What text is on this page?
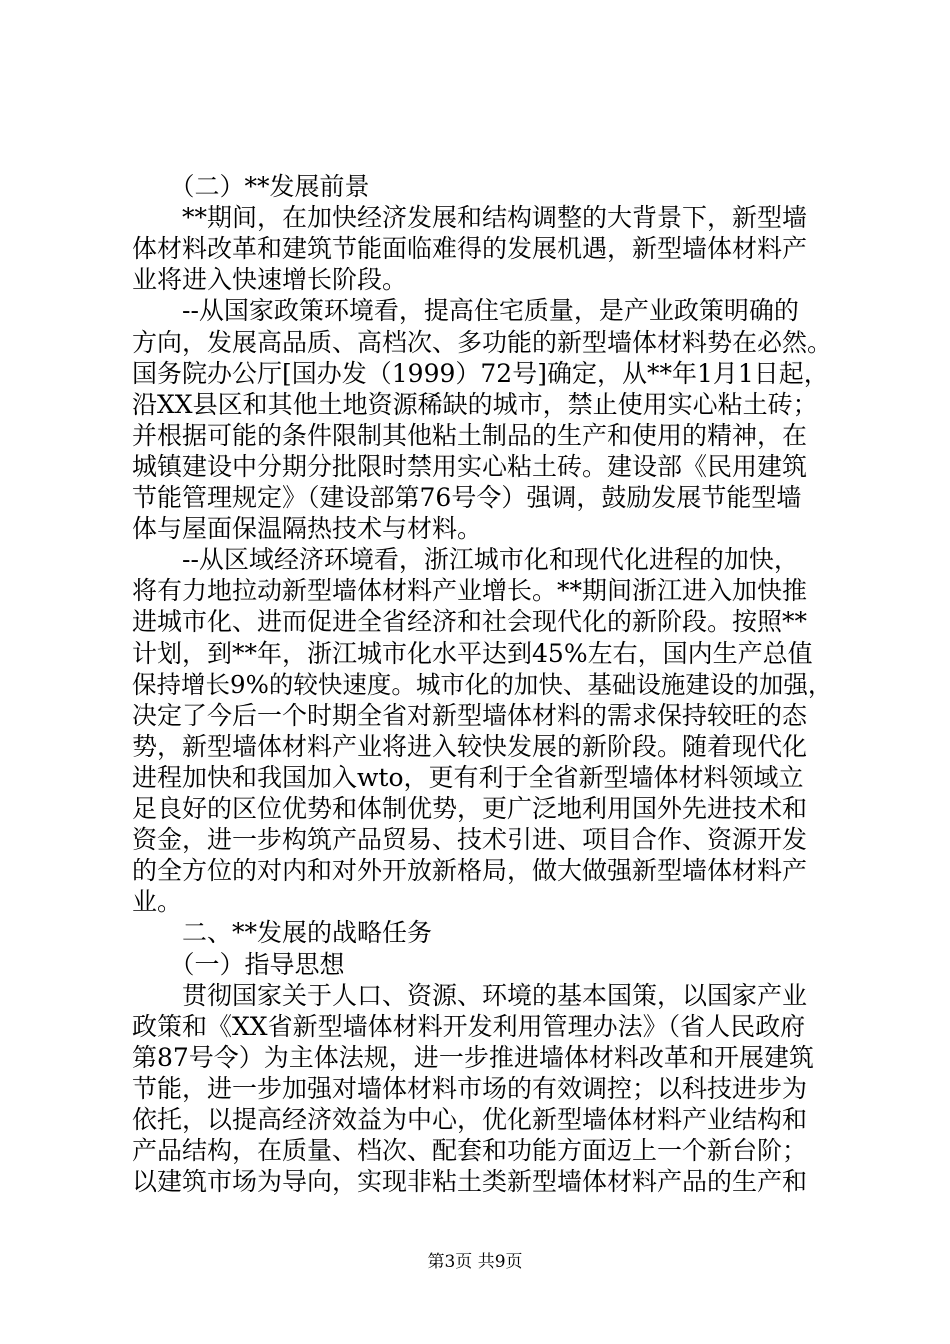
　　（二）**发展前景
　　**期间，在加快经济发展和结构调整的大背景下，新型墙
体材料改革和建筑节能面临难得的发展机遇，新型墙体材料产
业将进入快速增长阶段。
　　--从国家政策环境看，提高住宅质量，是产业政策明确的
方向，发展高品质、高档次、多功能的新型墙体材料势在必然。
国务院办公厅[国办发（1999）72号]确定，从**年1月1日起，
沿XX县区和其他土地资源稀缺的城市，禁止使用实心粘土砖；
并根据可能的条件限制其他粘土制品的生产和使用的精神，在
城镇建设中分期分批限时禁用实心粘土砖。建设部《民用建筑
节能管理规定》（建设部第76号令）强调，鼓励发展节能型墙
体与屋面保温隔热技术与材料。
　　--从区域经济环境看，浙江城市化和现代化进程的加快，
将有力地拉动新型墙体材料产业增长。**期间浙江进入加快推
进城市化、进而促进全省经济和社会现代化的新阶段。按照**
计划，到**年，浙江城市化水平达到45%左右，国内生产总值
保持增长9%的较快速度。城市化的加快、基础设施建设的加强，
决定了今后一个时期全省对新型墙体材料的需求保持较旺的态
势，新型墙体材料产业将进入较快发展的新阶段。随着现代化
进程加快和我国加入wto，更有利于全省新型墙体材料领域立
足良好的区位优势和体制优势，更广泛地利用国外先进技术和
资金，进一步构筑产品贸易、技术引进、项目合作、资源开发
的全方位的对内和对外开放新格局，做大做强新型墙体材料产
业。
　　二、**发展的战略任务
　　（一）指导思想
　　贯彻国家关于人口、资源、环境的基本国策，以国家产业
政策和《XX省新型墙体材料开发利用管理办法》（省人民政府
第87号令）为主体法规，进一步推进墙体材料改革和开展建筑
节能，进一步加强对墙体材料市场的有效调控；以科技进步为
依托，以提高经济效益为中心，优化新型墙体材料产业结构和
产品结构，在质量、档次、配套和功能方面迈上一个新台阶；
以建筑市场为导向，实现非粘土类新型墙体材料产品的生产和
第3页 共9页
